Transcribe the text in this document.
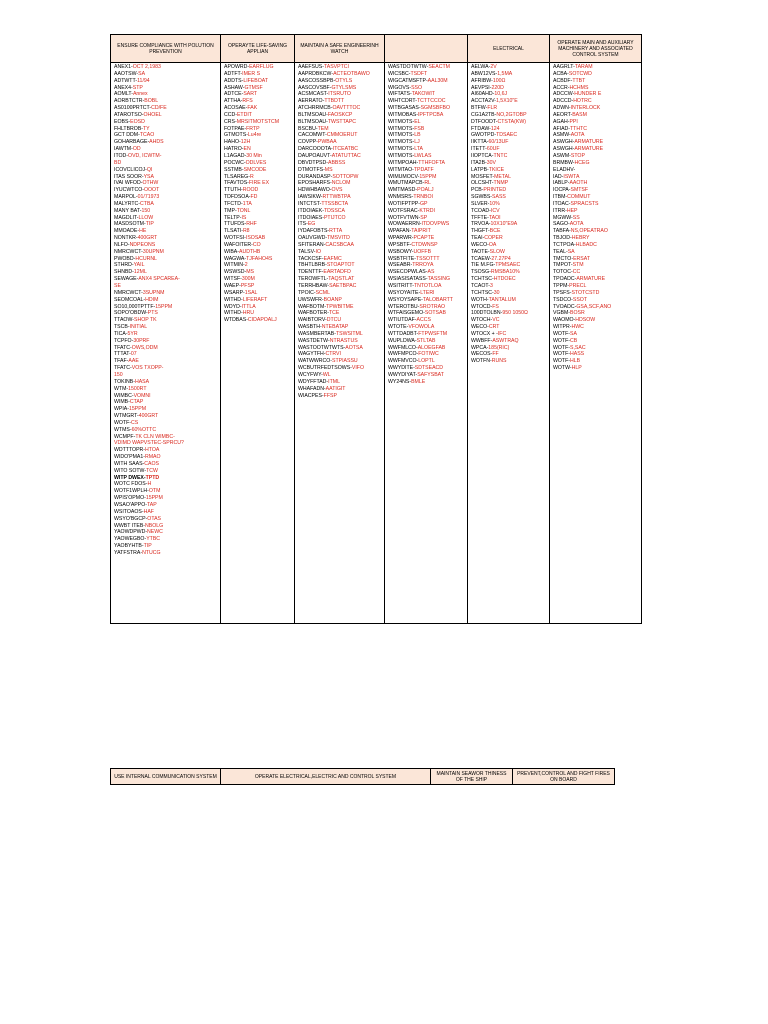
ENSURE COMPLIANCE WITH POLUTION PREVENTION
ANEX1-OCT 2,1983
AAOTSW-SA
ADTWTT-11/94
ANEX4-STP
AOMLT-Annex
AORBTCTR-BOBL
AS0100PRTCT-CD/FE
ATAROTSO-OHOEL
EOBS-EOSD
FHLTBROB-TY
GCT DDM-TCAO
GOHARBAGE-AHDS
IAWTM-OD
ITOD-OVD, ICWTM-
BD
ICOVCLICOJ-QI
ITAS SOOR-YSA
IVAI WFOD-OTHW
IYUCWTCO-OOOT
MARPOL-01/71973
MALYRTC-CTBA
MANY BAT-150
MAGDLIT-LLOW
MASDSOTM-TIP
MMOADE-HE
NONTKR-400GRT
NLFO-NDPEONS
NMRCWCT-30UPNM
PWOBD-HCURNL
STHRD-YAIL
SHNBD-12ML
SEWAGE-ANX4 SPCAREA-
SE
NMRCWCT-3SUPNM
SEOMCOAL-HDIM
SO10,000TPTTF-15PPM
SOPO'OBDW-PTS
TTAOW-SHOP TK
TSCB-INITIAL
TICA-5YR
TCPFO-30PRF
TFATC-OWS,ODM
TTTAT-07
TFAF-AAE
TFATC-VOS TXOPP-
150
TOKINB-HASA
WTM-1500RT
WIMBC-VOMNI
WIMB-CTAP
WPIA-15PPM
WTMGRT-400GRT
WOTF-CS
WTMS-60%OTTC
WCMPF-TK CLN WIMBC-
VDIMD WAPVSTEC-SPRCU?
WDTTTOPR-HTOA
WIDO'PMA1-RMAO
WITH SAAS-CAOS
WITO SOTW-TCW
WITP DWEX-TPTD
WOTC FDOS-H
WOTF1WPLH-OTM
WPIS'OPMO-15PPM
WSAO'APPO-TAP
WSITOAOS-HAF
WSYO'BGCP-OTAS
WWBT ITEB-NBOLG
YAOWDPWD-NEWC
YAOWEGBO-YTBC
YAOBYHTB-TIP
YATFSTRA-NTUCG
OPERAYTE LIFE-SAVING APPLIAN
APOWRD-EARFLUG
ADTFT-IMER S
ADDTS-LIFEBOAT
ASHAW-GTMSF
ADTCE-SART
ATTHA-RFS
ACOSAE-FAK
CCD-ETDIT
CRS-MRSITMOTSTCM
FOTPAE-FRTP
GTMOTS-Lu4re
HAHO-12H
HATRO-EN
L1AGAD-30 Min
POCWC-ODLVES
SSTMB-SMCODE
TLSAREG-R
TFAVTOS-FIRE EX
TTUTH-ROOD
TDFDSOA-FD
TFCTD-1TA
TMP-TONL
TELTP-IS
TTUFDS-RHF
TLSATI-R8
WOTFSI-ISOSAB
WAFOITER-CO
WIBA-AUDTHB
WAGWA-TJFAHO4S
WITMIN-2
WSWSD-MS
WITSF-300M
WAEP-PFSP
WSARP-1SAL
WITHD-LIFERAFT
WDYD-ITTLA
WITHD-HRU
WTDBAS-CIDAPOALJ
MAINTAIN A SAFE ENGINEERINH WATCH
AAEFSUS-TASVPTCI
AAPRDBKCW-ACTEOTBAWO
AASCOSSBPB-OTYLS
AASCOVSBF-GTYLSMS
ACSMCAST-ITSRUTO
AERRATO-TTBDTT
ATCHRRMCB-OAVTTTOC
BLTMSOAU-FAOSKCP
BLTMSOAU-TWSTTAPC
BSCBU-TEM
CACOMWT-CMMOERUT
COVPP-PWBAA
DARCOOOTA-ITCEATBC
DAUPOAUVT-ATATUTTAC
DBVDTPSD-ABBSS
DTMOTFS-MS
DURANDASP-SOTTOPW
EPOSHARFS-NCLOM
HDWHBAWO-OVS
IAWSIKW-RTTWBTPA
INTCTST-TTSSBCTA
ITDOIAEK-TDSSCA
ITDOIAES-PTIJTCO
ITS-EG
IYDAFOBTS-RTTA
OAUVGWD-TMSVITD
SFITERAN-CACSBCAA
TALSV-IO
TACKCSF-EAFMC
TBHTLBRB-STOAPTOT
TDENTTF-EARTADFD
TEROWFTL-TAQSTLAT
TERRHBAW-SAETBPAC
TPOIC-SCML
UWSWFR-BOANP
WAFBOTM-TPWBITME
WAFBOTER-TCE
WAIBTORV-DTCU
WASBTH-NTEBATAP
WASMBERTAB-TSWSITML
WASTDETW-NTRASTUS
WASTOOTWTWTS-AOTSA
WAGYTFH-CTRVI
WATWWRCO-STPIASSU
WCBUTRFEDTSOWS-VIFO
WCYFWY-WL
WDYFFTAD-ITML
WHAFADN-AATIGIT
WIACPES-FFSP
WASTDOTWTW-SEACTM
WICSBC-TSDFT
WIGCATMSFTP-AAL30M
WIGOVS-SSO
WIFTATS-TAKOWIT
WIHTCDRT-TCTTCCOC
WITBGASAS-SGMSBFBO
WITMOBAS-IPFTPCBA
WITMOTS-EL
WITMOTS-FSB
WITMOTS-LB
WITMOTS-LJ
WITMOTS-LTA
WITMOTS-LWLAS
WITMPOAH-TTHFOFTA
WITMTAO-TPDATF
WIMUMOCV-15PPM
WMUTMAPCB-RL
WMTMASD-POALJ
WNMSRS-TRNBOI
WOTIFPTPP-GP
WOTFSRAC-KTRDI
WOTFVTWN-SP
WOWAERRN-ITDOVPWS
WPAFAN-TAIPRIT
WPARWR-PCAPTE
WPSBTF-CTDWNSP
WSBOWY-UOFFB
WSBTFITE-TSSOTTT
WSEABR-TRROYA
WSECOPWLAS-AS
WSIASISATASS-TASSING
WSITRITT-TNTOTLOA
WSYOYAITE-LTERI
WSYOYSAPE-TALOBARTT
WTEROTBU-SROTRAO
WTFAISGEMO-SOTSAB
WTIUTDAF-ACCS
WTOTE-VFOWOLA
WTTDADBT-FTPWSFTM
WUPLDWA-STLTAB
WWFMLCO-ALOEGFAB
WWFMPCO-FOTIWC
WWFMVCO-LOPTL
WWYDITE-SDTSEACD
WWYDIYAT-SAFYSBAT
WY24NS-BMLE
ELECTRICAL
AELWA-2V
ABW12VS-1,5MA
AFRIBW-100Ω
AEVPSI-220D
AI60AHD-10,6J
ACCTA2V-1,5X10"E
BTFW-FLR
CG1A2TB-NO,2GTOBP
DTFOODT-CTSTA(KW)
FTDAW-124
GWOTPD-TDSAEC
IIKTTA-60/13UF
ITETT-60UF
IIOPTCA-TNTC
ITA2B-30V
LATPB-TKICE
MOSFET-METAL
OLCSHT-TNMP
PCB-PRINTED
SGWBS-SASS
SLVER-10%
TCOAD-ICV
TFFTE-TAOI
TRVOA-10X10"E9A
THGFT-BCE
TEAI-COPER
WECO-OA
TAOTE-SLOW
TCAEW-27.27P4
TIE M.FG-TPMSAEC
TSOSG-RMSBA10%
TCHTSC-HTDOEC
TCAOT-3
TCHTSC-30
WOTH-TANTALUM
WTOCD-FS
100DTOLBN-950 1050Ω
WTOCH-VC
WECO-CRT
WTOCX + -IFC
WWBFF-ASWTRAQ
WPCA-185(RIC)
WECOS-FF
WOTFN-RUNS
OPERATE MAIN AND AUXILIARY MACHINERY AND ASSOCIATED CONTROL SYSTEM
AAGRLT-TARAM
ACBA-SOTCWD
ACBDF-TTBT
ACCR-HCHMS
ADCCW-HUNDER E
ADCCD-HOTRC
ADWN-INTERLOCK
AEORT-BASM
AGAH-PPI
AFIAD-TTHTC
ASMW-AOTA
ASWGH-ARMATURE
ASWGH-ARMATURE
ASWM-STOP
BRMBW-HCEG
ELADHV-
IAD-ISWTA
IABLP-AAOTH
IOCPA-SMTSF
ITBM-COMMUT
ITOAC-SPRACSTS
ITRR-HEP
MGWW-SS
SAGO-AOTA
TABFA-NS,OPEATRAO
TBJOD-HEBRY
TCTPOA-HLBADC
TEAL-SA
TMCTO-ERSAT
TMPOT-STM
TOTOC-CC
TPOADC-ARMATURE
TPPM-PRECL
TPSFS-STOTCSTD
TSDCO-SSOT
TVOADC-GSA,SCF,ANO
VGBM-BOSR
WAOMO-HDSOW
WITPR-HWC
WOTF-SA
WOTF-CB
WOTF-S,SAC
WOTF-HASS
WOTF-HLB
WOTW-HLP
USE INTERNAL COMMUNICATION SYSTEM	OPERATE ELECTRICAL,ELECTRIC AND CONTROL SYSTEM	MAINTAIN SEAWOR THINESS OF THE SHIP
PREVENT,CONTROL AND FIGHT FIRES ON BOARD
